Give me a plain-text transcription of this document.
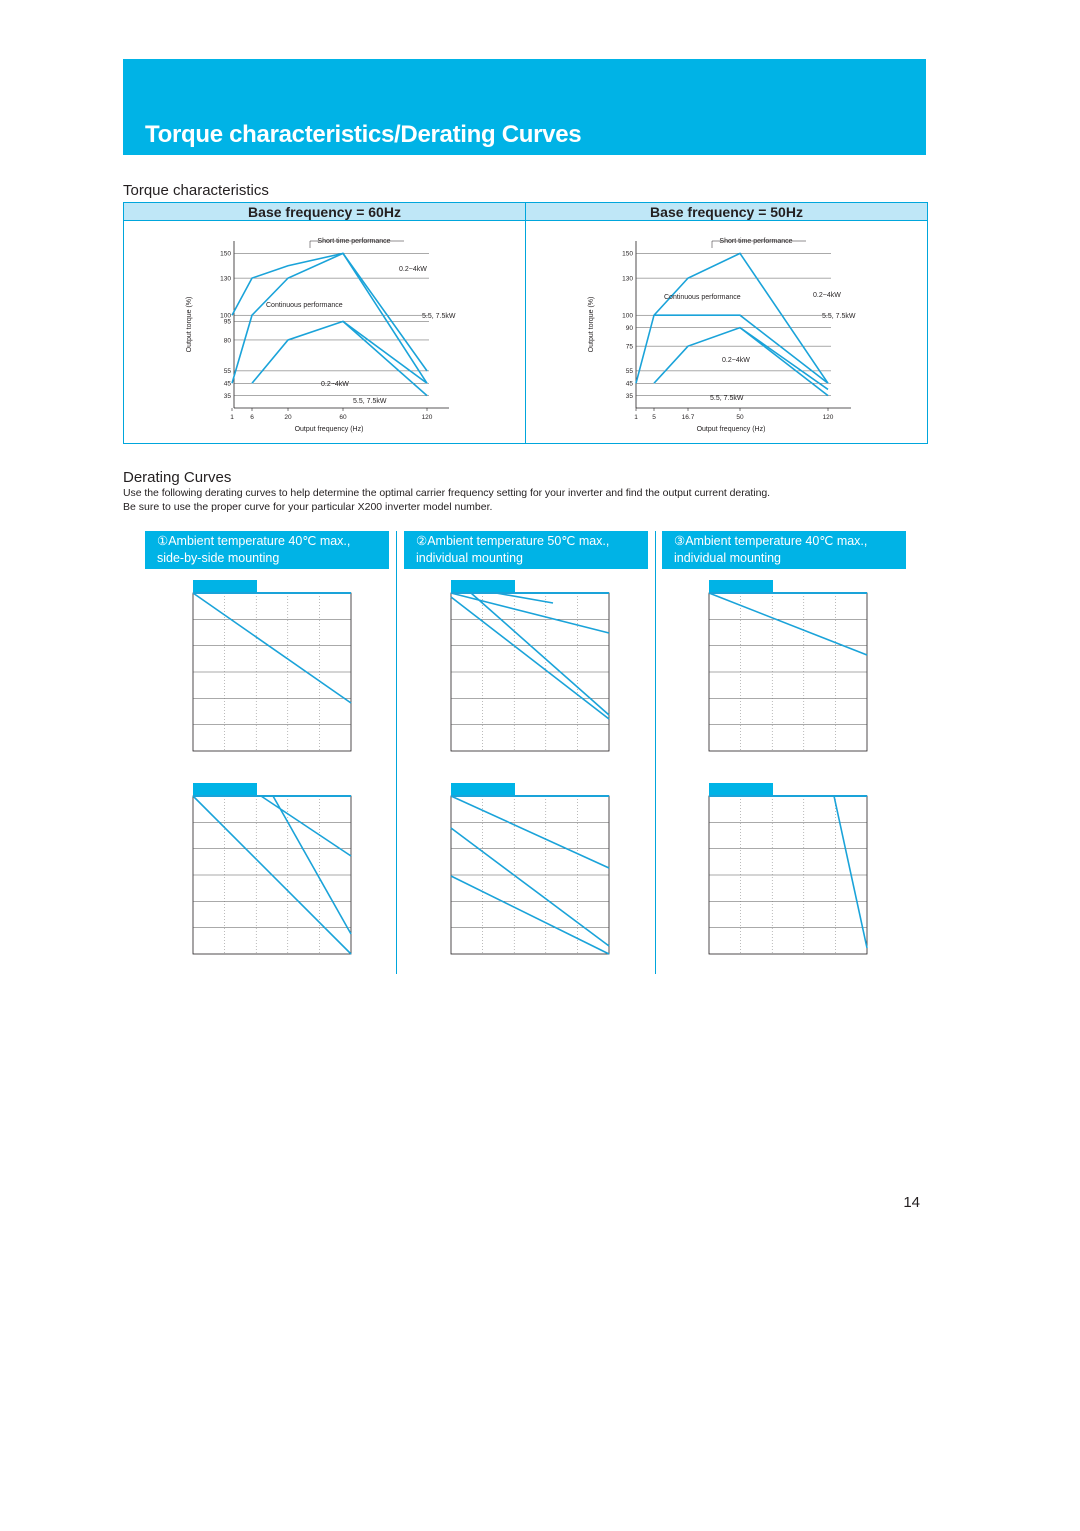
Torque characteristics/Derating Curves
Torque characteristics
Base frequency = 60Hz	Base frequency = 50Hz
150
130
100
95
80
55
45
35
1	6	20	60	120
Output frequency (Hz)
Output torque (%)
Short time performance
Continuous performance
0.2~4kW
5.5, 7.5kW
0.2~4kW
5.5, 7.5kW
150
130
100
90
75
55
45
35
1 5	16.7	50	120
Output frequency (Hz)
Output torque (%)
Short time performance
Continuous performance	0.2~4kW
5.5, 7.5kW
0.2~4kW
5.5, 7.5kW
Derating Curves
Use the following derating curves to help determine the optimal carrier frequency setting for your inverter and find the output current derating.
Be sure to use the proper curve for your particular X200 inverter model number.
①Ambient temperature 40℃ max.,
side-by-side mounting
②Ambient temperature 50℃ max.,
individual mounting
③Ambient temperature 40℃ max.,
individual mounting
14
